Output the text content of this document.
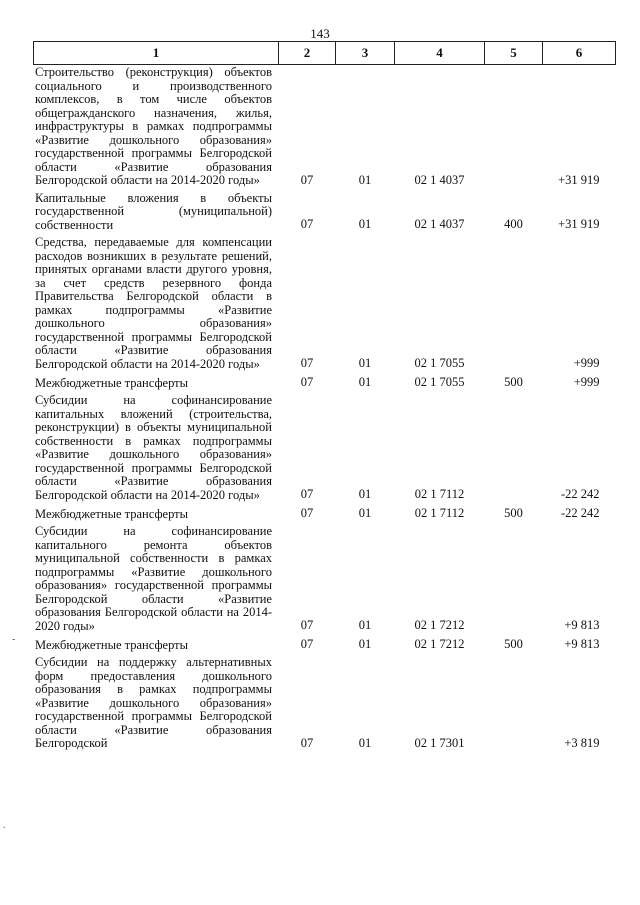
143
-
.
1	2	3	4	5	6
Строительство (реконструкция) объектов социального и производственного комплексов, в том числе объектов общегражданского назначения, жилья, инфраструктуры в рамках подпрограммы «Развитие дошкольного образования» государственной программы Белгородской области «Развитие образования Белгородской области на 2014-2020 годы»	07	01	02 1 4037		+31 919
Капитальные вложения в объекты государственной (муниципальной) собственности	07	01	02 1 4037	400	+31 919
Средства, передаваемые для компенсации расходов возникших в результате решений, принятых органами власти другого уровня, за счет средств резервного фонда Правительства Белгородской области в рамках подпрограммы «Развитие дошкольного образования» государственной программы Белгородской области «Развитие образования Белгородской области на 2014-2020 годы»	07	01	02 1 7055		+999
Межбюджетные трансферты	07	01	02 1 7055	500	+999
Субсидии на софинансирование капитальных вложений (строительства, реконструкции) в объекты муниципальной собственности в рамках подпрограммы «Развитие дошкольного образования» государственной программы Белгородской области «Развитие образования Белгородской области на 2014-2020 годы»	07	01	02 1 7112		-22 242
Межбюджетные трансферты	07	01	02 1 7112	500	-22 242
Субсидии на софинансирование капитального ремонта объектов муниципальной собственности в рамках подпрограммы «Развитие дошкольного образования» государственной программы Белгородской области «Развитие образования Белгородской области на 2014-2020 годы»	07	01	02 1 7212		+9 813
Межбюджетные трансферты	07	01	02 1 7212	500	+9 813
Субсидии на поддержку альтернативных форм предоставления дошкольного образования в рамках подпрограммы «Развитие дошкольного образования» государственной программы Белгородской области «Развитие образования Белгородской	07	01	02 1 7301		+3 819
